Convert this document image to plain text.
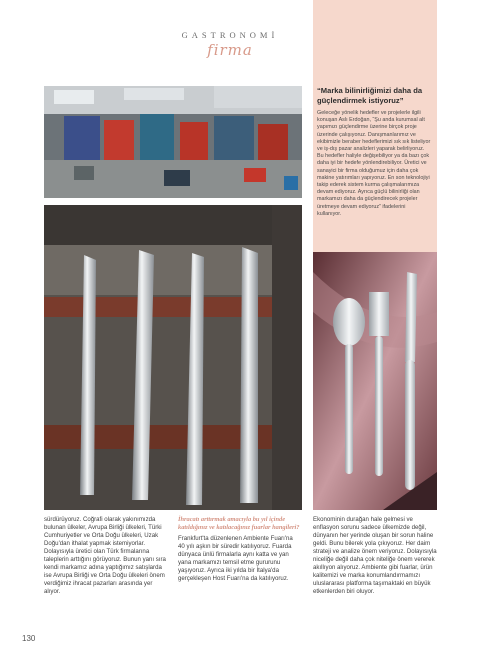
GASTRONOMİ
firma
“Marka bilinirliğimizi daha da güçlendirmek istiyoruz”
Geleceğe yönelik hedefler ve projelerle ilgili konuşan Aslı Erdoğan, “Şu anda kurumsal alt yapımızı güçlendirme üzerine birçok proje üzerinde çalışıyoruz. Danışmanlarımız ve ekibimizle beraber hedeflerimizi sık sık listeliyor ve iş-dış pazar analizleri yaparak belirliyoruz. Bu hedefler haliyle değişebiliyor ya da bazı çok daha iyi bir hedefe yönlendirebiliyor. Üretici ve sanayici bir firma olduğumuz için daha çok makine yatırımları yapıyoruz. En son teknolojiyi takip ederek sistem kurma çalışmalarımıza devam ediyoruz. Ayrıca güçlü bilinirliği olan markamızı daha da güçlendirecek projeler üretmeye devam ediyoruz” ifadelerini kullanıyor.
sürdürüyoruz. Coğrafi olarak yakınımızda bulunan ülkeler, Avrupa Birliği ülkeleri, Türki Cumhuriyetler ve Orta Doğu ülkeleri, Uzak Doğu'dan ithalat yapmak istemiyorlar. Dolayısıyla üretici olan Türk firmalarına taleplerin arttığını görüyoruz. Bunun yanı sıra kendi markamız adına yaptığımız satışlarda ise Avrupa Birliği ve Orta Doğu ülkeleri önem verdiğimiz ihracat pazarları arasında yer alıyor.
İhracatı arttırmak amacıyla bu yıl içinde katıldığınız ve katılacağınız fuarlar hangileri?
Frankfurt'ta düzenlenen Ambiente Fuarı'na 40 yılı aşkın bir süredir katılıyoruz. Fuarda dünyaca ünlü firmalarla aynı katta ve yan yana markamızı temsil etme gururunu yaşıyoruz. Ayrıca iki yılda bir İtalya'da gerçekleşen Host Fuarı'na da katılıyoruz.
Ekonominin durağan hale gelmesi ve enflasyon sorunu sadece ülkemizde değil, dünyanın her yerinde oluşan bir sorun haline geldi. Bunu bilerek yola çıkıyoruz. Her daim strateji ve analize önem veriyoruz. Dolayısıyla niceliğe değil daha çok niteliğe önem vererek akıllıyon alıyoruz. Ambiente gibi fuarlar, ürün kalitemizi ve marka konumlandırmamızı uluslararası platforma taşımaktaki en büyük etkenlerden biri oluyor.
130
